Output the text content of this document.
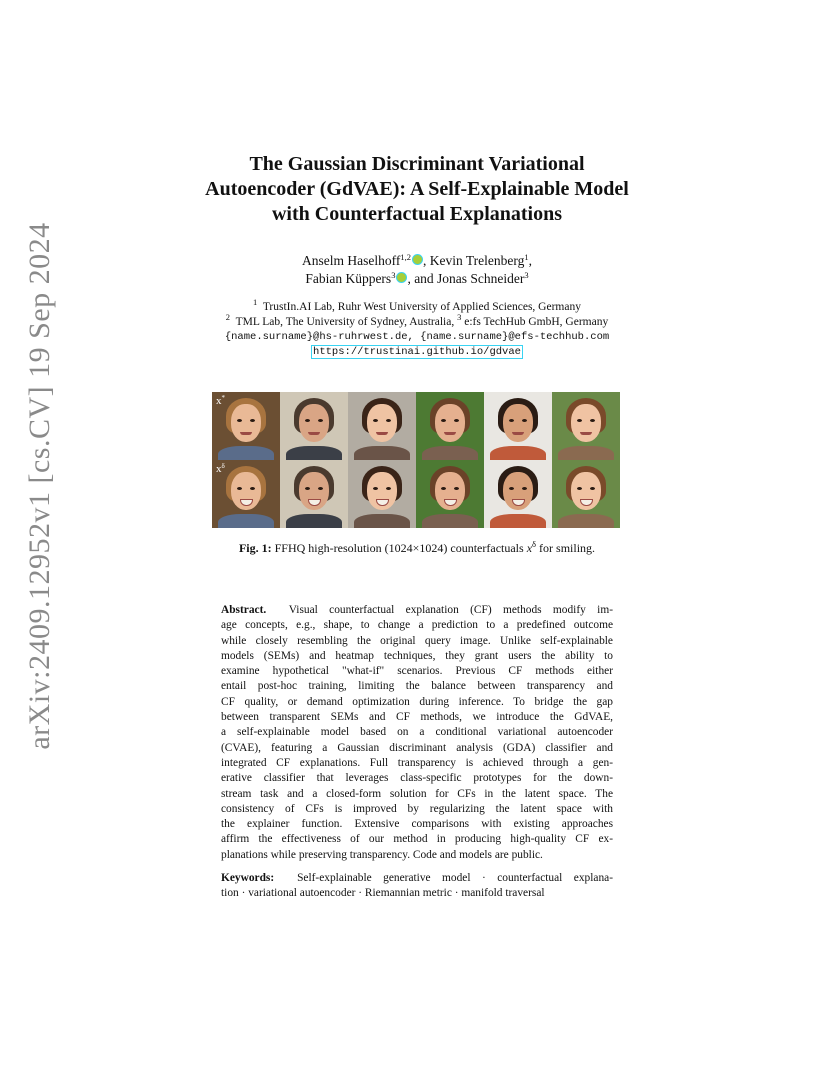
arXiv:2409.12952v1 [cs.CV] 19 Sep 2024
The Gaussian Discriminant Variational
Autoencoder (GdVAE): A Self-Explainable Model
with Counterfactual Explanations
Anselm Haselhoff$^{1,2}$ , Kevin Trelenberg$^1$,
Fabian Küppers$^3$ , and Jonas Schneider$^3$
$^1$ TrustIn.AI Lab, Ruhr West University of Applied Sciences, Germany
$^2$ TML Lab, The University of Sydney, Australia, $^3$ e:fs TechHub GmbH, Germany
{name.surname}@hs-ruhrwest.de, {name.surname}@efs-techhub.com
https://trustinai.github.io/gdvae
x*
$x^\delta$
Fig. 1: FFHQ high-resolution (1024×1024) counterfactuals $x^\delta$ for smiling.
Abstract. Visual counterfactual explanation (CF) methods modify im-
age concepts, e.g., shape, to change a prediction to a predefined outcome
while closely resembling the original query image. Unlike self-explainable
models (SEMs) and heatmap techniques, they grant users the ability to
examine hypothetical "what-if" scenarios. Previous CF methods either
entail post-hoc training, limiting the balance between transparency and
CF quality, or demand optimization during inference. To bridge the gap
between transparent SEMs and CF methods, we introduce the GdVAE,
a self-explainable model based on a conditional variational autoencoder
(CVAE), featuring a Gaussian discriminant analysis (GDA) classifier and
integrated CF explanations. Full transparency is achieved through a gen-
erative classifier that leverages class-specific prototypes for the down-
stream task and a closed-form solution for CFs in the latent space. The
consistency of CFs is improved by regularizing the latent space with
the explainer function. Extensive comparisons with existing approaches
affirm the effectiveness of our method in producing high-quality CF ex-
planations while preserving transparency. Code and models are public.
Keywords: Self-explainable generative model · counterfactual explana-
tion · variational autoencoder · Riemannian metric · manifold traversal
